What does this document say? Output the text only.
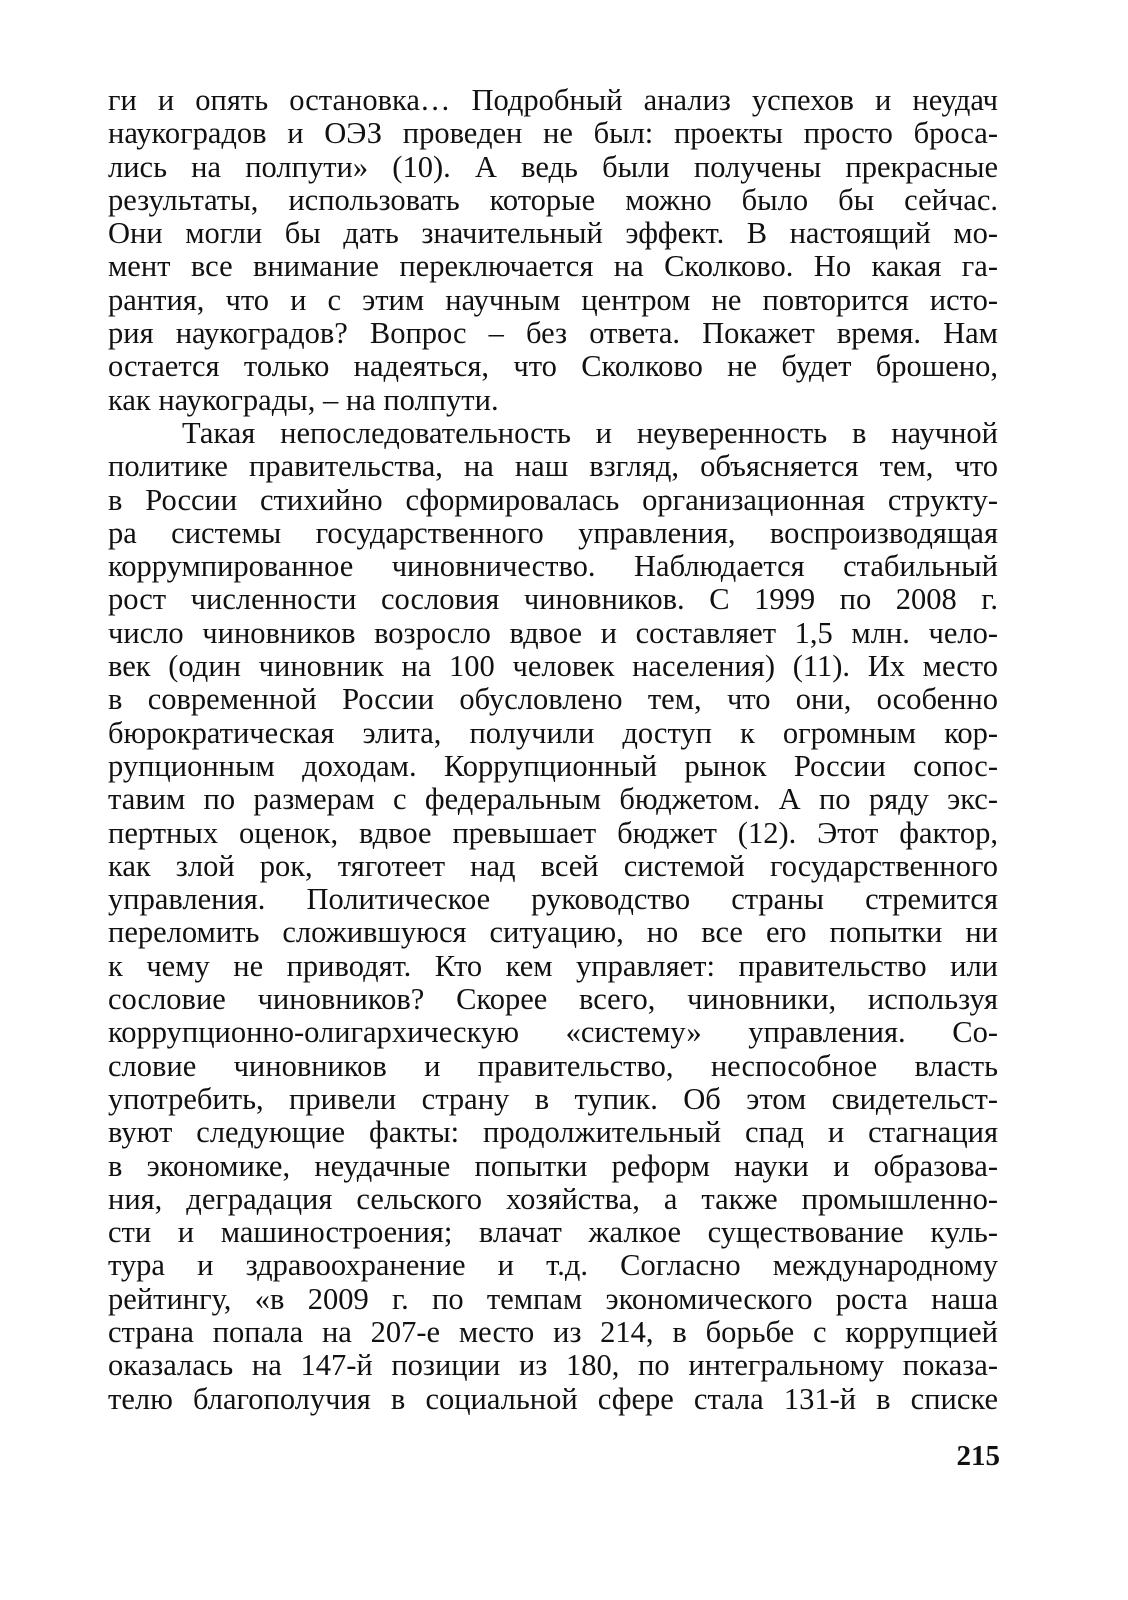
ги и опять остановка… Подробный анализ успехов и неудач
наукоградов и ОЭЗ проведен не был: проекты просто броса-
лись на полпути» (10). А ведь были получены прекрасные
результаты, использовать которые можно было бы сейчас.
Они могли бы дать значительный эффект. В настоящий мо-
мент все внимание переключается на Сколково. Но какая га-
рантия, что и с этим научным центром не повторится исто-
рия наукоградов? Вопрос – без ответа. Покажет время. Нам
остается только надеяться, что Сколково не будет брошено,
как наукограды, – на полпути.
Такая непоследовательность и неуверенность в научной
политике правительства, на наш взгляд, объясняется тем, что
в России стихийно сформировалась организационная структу-
ра системы государственного управления, воспроизводящая
коррумпированное чиновничество. Наблюдается стабильный
рост численности сословия чиновников. С 1999 по 2008 г.
число чиновников возросло вдвое и составляет 1,5 млн. чело-
век (один чиновник на 100 человек населения) (11). Их место
в современной России обусловлено тем, что они, особенно
бюрократическая элита, получили доступ к огромным кор-
рупционным доходам. Коррупционный рынок России сопос-
тавим по размерам с федеральным бюджетом. А по ряду экс-
пертных оценок, вдвое превышает бюджет (12). Этот фактор,
как злой рок, тяготеет над всей системой государственного
управления. Политическое руководство страны стремится
переломить сложившуюся ситуацию, но все его попытки ни
к чему не приводят. Кто кем управляет: правительство или
сословие чиновников? Скорее всего, чиновники, используя
коррупционно-олигархическую «систему» управления. Со-
словие чиновников и правительство, неспособное власть
употребить, привели страну в тупик. Об этом свидетельст-
вуют следующие факты: продолжительный спад и стагнация
в экономике, неудачные попытки реформ науки и образова-
ния, деградация сельского хозяйства, а также промышленно-
сти и машиностроения; влачат жалкое существование куль-
тура и здравоохранение и т.д. Согласно международному
рейтингу, «в 2009 г. по темпам экономического роста наша
страна попала на 207-е место из 214, в борьбе с коррупцией
оказалась на 147-й позиции из 180, по интегральному показа-
телю благополучия в социальной сфере стала 131-й в списке
215
